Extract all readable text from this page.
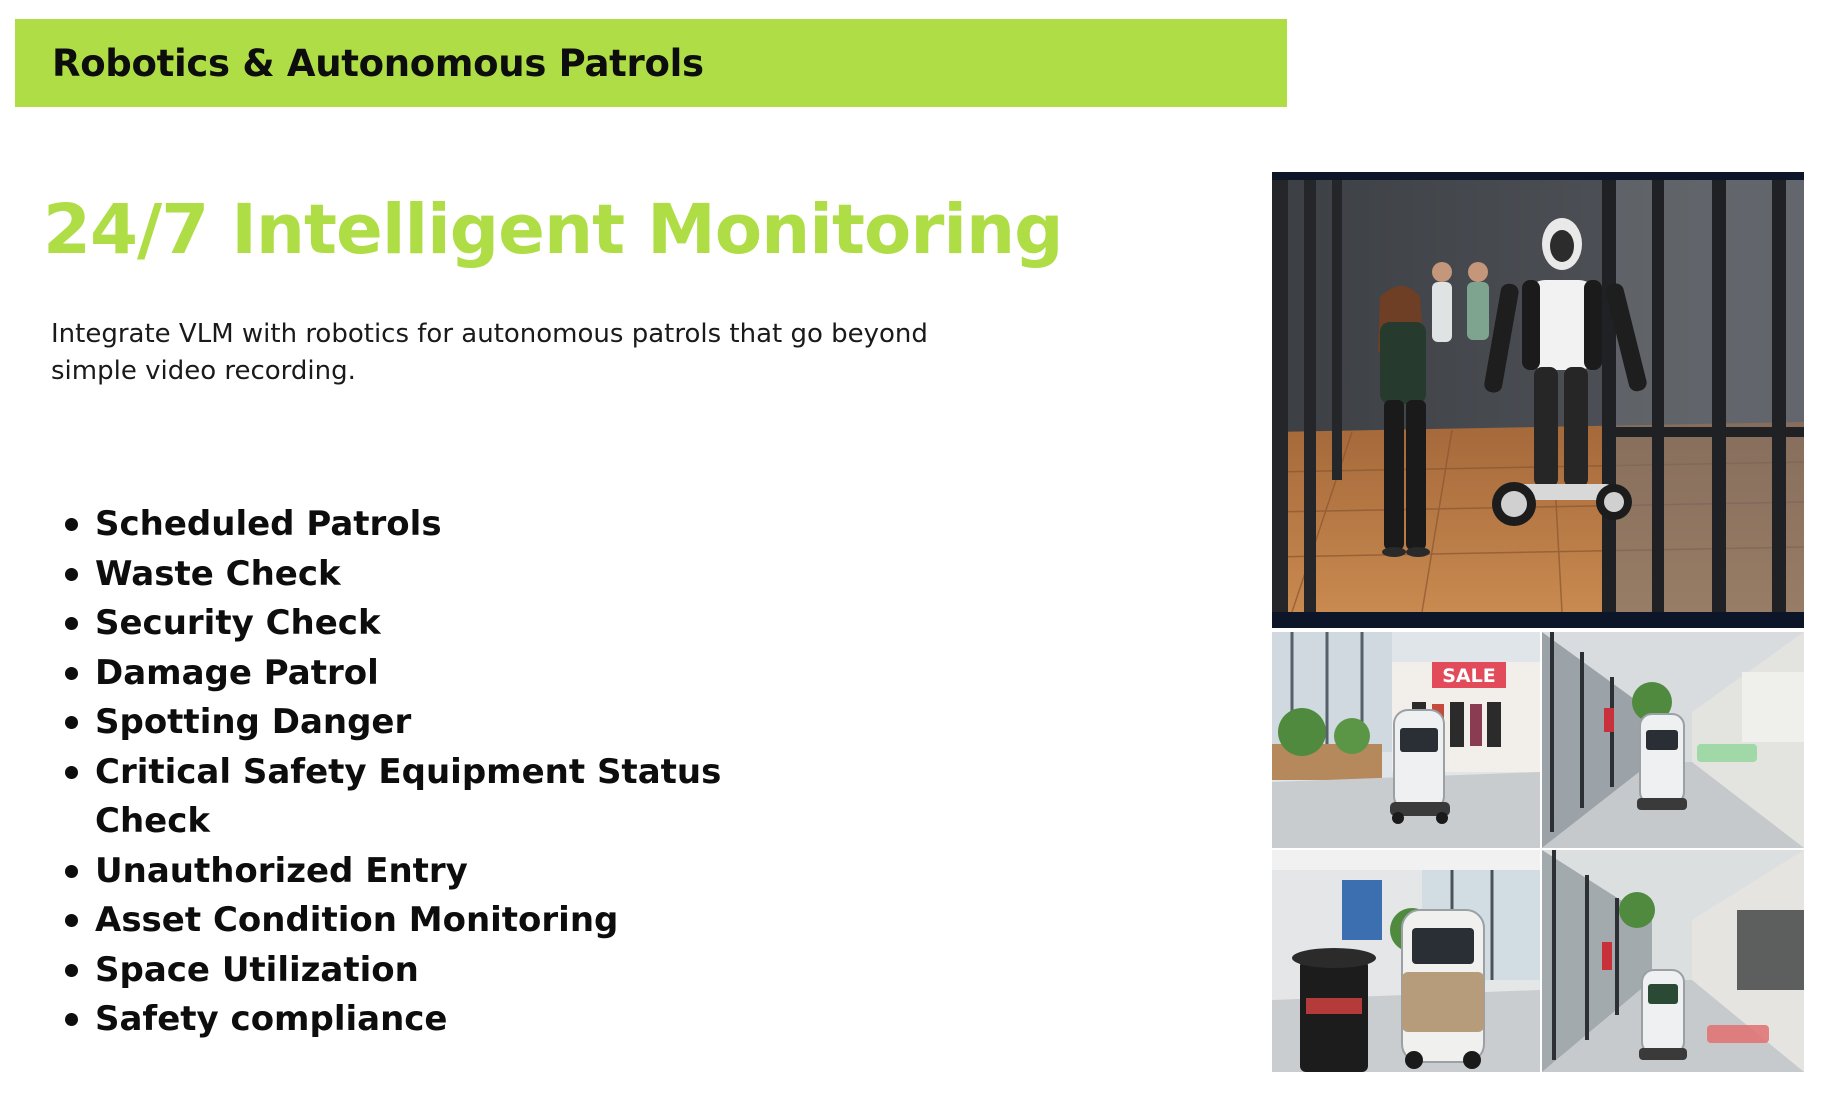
Robotics & Autonomous Patrols
24/7 Intelligent Monitoring

Integrate VLM with robotics for autonomous patrols that go beyond simple video recording.

Scheduled Patrols
Waste Check
Security Check
Damage Patrol
Spotting Danger
Critical Safety Equipment Status Check
Unauthorized Entry
Asset Condition Monitoring
Space Utilization
Safety compliance
SALE
